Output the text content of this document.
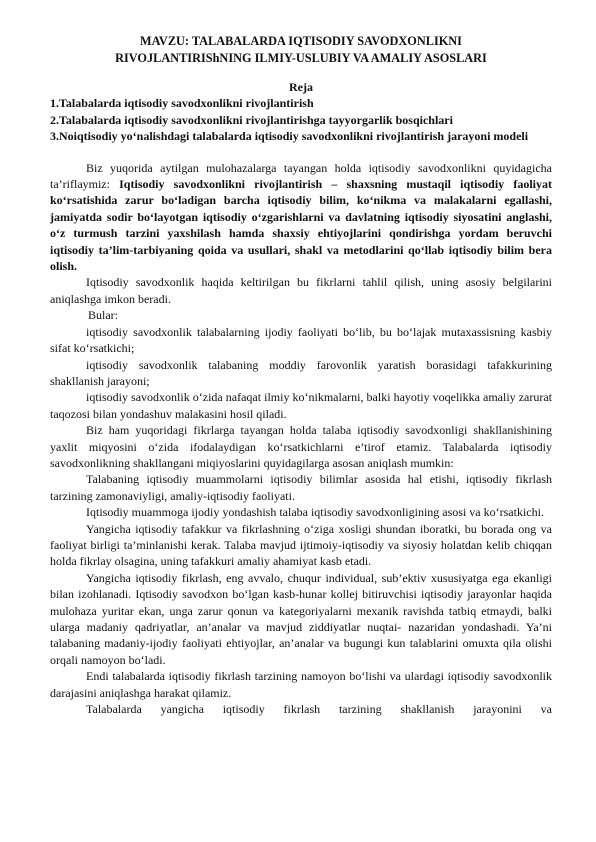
MAVZU: TALABALARDA IQTISODIY SAVODXONLIKNI
RIVOJLANTIRIShNING ILMIY-USLUBIY VA AMALIY ASOSLARI
Reja
1.Talabalarda iqtisodiy savodxonlikni rivojlantirish
2.Talabalarda iqtisodiy savodxonlikni rivojlantirishga tayyorgarlik bosqichlari
3.Noiqtisodiy yo‘nalishdagi talabalarda iqtisodiy savodxonlikni rivojlantirish jarayoni modeli

Biz yuqorida aytilgan mulohazalarga tayangan holda iqtisodiy savodxonlikni quyidagicha ta’riflaymiz: Iqtisodiy savodxonlikni rivojlantirish – shaxsning mustaqil iqtisodiy faoliyat ko‘rsatishida zarur bo‘ladigan barcha iqtisodiy bilim, ko‘nikma va malakalarni egallashi, jamiyatda sodir bo‘layotgan iqtisodiy o‘zgarishlarni va davlatning iqtisodiy siyosatini anglashi, o‘z turmush tarzini yaxshilash hamda shaxsiy ehtiyojlarini qondirishga yordam beruvchi iqtisodiy ta’lim-tarbiyaning qoida va usullari, shakl va metodlarini qo‘llab iqtisodiy bilim bera olish.

Iqtisodiy savodxonlik haqida keltirilgan bu fikrlarni tahlil qilish, uning asosiy belgilarini aniqlashga imkon beradi.

Bular:

iqtisodiy savodxonlik talabalarning ijodiy faoliyati bo‘lib, bu bo‘lajak mutaxassisning kasbiy sifat ko‘rsatkichi;

iqtisodiy savodxonlik talabaning moddiy farovonlik yaratish borasidagi tafakkurining shakllanish jarayoni;

iqtisodiy savodxonlik o‘zida nafaqat ilmiy ko‘nikmalarni, balki hayotiy voqelikka amaliy zarurat taqozosi bilan yondashuv malakasini hosil qiladi.

Biz ham yuqoridagi fikrlarga tayangan holda talaba iqtisodiy savodxonligi shakllanishining yaxlit miqyosini o‘zida ifodalaydigan ko‘rsatkichlarni e’tirof etamiz. Talabalarda iqtisodiy savodxonlikning shakllangani miqiyoslarini quyidagilarga asosan aniqlash mumkin:

Talabaning iqtisodiy muammolarni iqtisodiy bilimlar asosida hal etishi, iqtisodiy fikrlash tarzining zamonaviyligi, amaliy-iqtisodiy faoliyati.

Iqtisodiy muammoga ijodiy yondashish talaba iqtisodiy savodxonligining asosi va ko‘rsatkichi.

Yangicha iqtisodiy tafakkur va fikrlashning o‘ziga xosligi shundan iboratki, bu borada ong va faoliyat birligi ta’minlanishi kerak. Talaba mavjud ijtimoiy-iqtisodiy va siyosiy holatdan kelib chiqqan holda fikrlay olsagina, uning tafakkuri amaliy ahamiyat kasb etadi.

Yangicha iqtisodiy fikrlash, eng avvalo, chuqur individual, sub’ektiv xususiyatga ega ekanligi bilan izohlanadi. Iqtisodiy savodxon bo‘lgan kasb-hunar kollej bitiruvchisi iqtisodiy jarayonlar haqida mulohaza yuritar ekan, unga zarur qonun va kategoriyalarni mexanik ravishda tatbiq etmaydi, balki ularga madaniy qadriyatlar, an’analar va mavjud ziddiyatlar nuqtai- nazaridan yondashadi. Ya’ni talabaning madaniy-ijodiy faoliyati ehtiyojlar, an’analar va bugungi kun talablarini omuxta qila olishi orqali namoyon bo‘ladi.

Endi talabalarda iqtisodiy fikrlash tarzining namoyon bo‘lishi va ulardagi iqtisodiy savodxonlik darajasini aniqlashga harakat qilamiz.

Talabalarda yangicha iqtisodiy fikrlash tarzining shakllanish jarayonini va
